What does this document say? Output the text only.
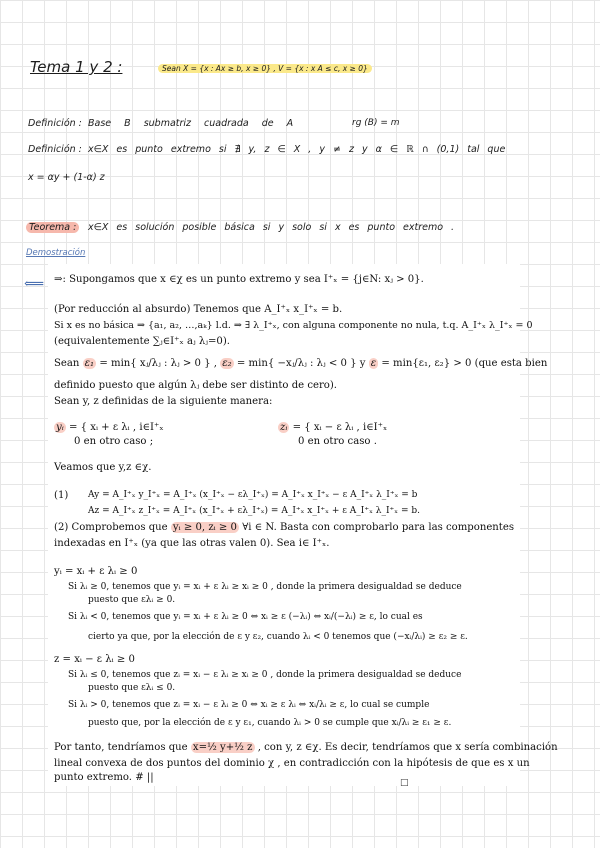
Tema 1 y 2 :	Sean X = {x : Ax ≥ b, x ≥ 0} , V = {x : x A ≤ c, x ≥ 0}
Definición : Base B submatriz cuadrada de A	rg (B) = m
Definición : x∈X es punto extremo si ∄ y, z ∈ X , y ≠ z y α ∈ ℝ ∩ (0,1) tal que
x = αy + (1-α) z
Teorema :	x∈X es solución posible básica si y solo si x es punto extremo .
Demostración
⟸ ⇒: Supongamos que x ∈χ es un punto extremo y sea I⁺ₓ = {j∈N: xⱼ > 0}.
(Por reducción al absurdo) Tenemos que A_I⁺ₓ x_I⁺ₓ = b.
Si x es no básica ⇒ {a₁, a₂, …,aₖ} l.d. ⇒ ∃ λ_I⁺ₓ, con alguna componente no nula, t.q. A_I⁺ₓ λ_I⁺ₓ = 0
(equivalentemente ∑ⱼ∈I⁺ₓ aⱼ λⱼ=0).
Sean ε₁ = min{ xⱼ/λⱼ : λⱼ > 0 } , ε₂ = min{ −xⱼ/λⱼ : λⱼ < 0 } y ε = min{ε₁, ε₂} > 0 (que esta bien
definido puesto que algún λⱼ debe ser distinto de cero).
Sean y, z definidas de la siguiente manera:
yᵢ = { xᵢ + ε λᵢ , i∈I⁺ₓ
0 en otro caso ;
zᵢ = { xᵢ − ε λᵢ , i∈I⁺ₓ
0 en otro caso .
Veamos que y,z ∈χ.
(1) Ay = A_I⁺ₓ y_I⁺ₓ = A_I⁺ₓ (x_I⁺ₓ − ελ_I⁺ₓ) = A_I⁺ₓ x_I⁺ₓ − ε A_I⁺ₓ λ_I⁺ₓ = b
Az = A_I⁺ₓ z_I⁺ₓ = A_I⁺ₓ (x_I⁺ₓ + ελ_I⁺ₓ) = A_I⁺ₓ x_I⁺ₓ + ε A_I⁺ₓ λ_I⁺ₓ = b.
(2) Comprobemos que yᵢ ≥ 0, zᵢ ≥ 0 ∀i ∈ N. Basta con comprobarlo para las componentes
indexadas en I⁺ₓ (ya que las otras valen 0). Sea i∈ I⁺ₓ.
yᵢ = xᵢ + ε λᵢ ≥ 0
Si λᵢ ≥ 0, tenemos que yᵢ = xᵢ + ε λᵢ ≥ xᵢ ≥ 0 , donde la primera desigualdad se deduce
puesto que ελᵢ ≥ 0.
Si λᵢ < 0, tenemos que yᵢ = xᵢ + ε λᵢ ≥ 0 ⇔ xᵢ ≥ ε (−λᵢ) ⇔ xᵢ/(−λᵢ) ≥ ε, lo cual es
cierto ya que, por la elección de ε y ε₂, cuando λᵢ < 0 tenemos que (−xᵢ/λᵢ) ≥ ε₂ ≥ ε.
z = xᵢ − ε λᵢ ≥ 0
Si λᵢ ≤ 0, tenemos que zᵢ = xᵢ − ε λᵢ ≥ xᵢ ≥ 0 , donde la primera desigualdad se deduce
puesto que ελᵢ ≤ 0.
Si λᵢ > 0, tenemos que zᵢ = xᵢ − ε λᵢ ≥ 0 ⇔ xᵢ ≥ ε λᵢ ⇔ xᵢ/λᵢ ≥ ε, lo cual se cumple
puesto que, por la elección de ε y ε₁, cuando λᵢ > 0 se cumple que xᵢ/λᵢ ≥ ε₁ ≥ ε.
Por tanto, tendríamos que x=½ y+½ z , con y, z ∈χ. Es decir, tendríamos que x sería combinación
lineal convexa de dos puntos del dominio χ , en contradicción con la hipótesis de que es x un
punto extremo. # ||	□
